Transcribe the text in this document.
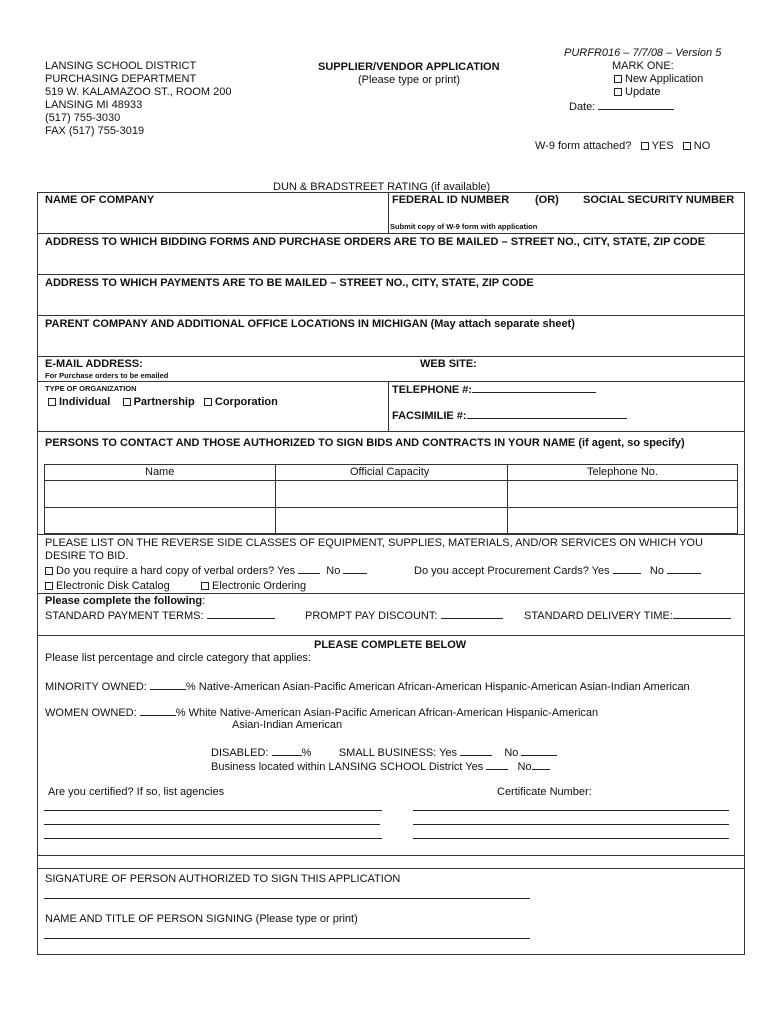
LANSING SCHOOL DISTRICT
PURCHASING DEPARTMENT
519 W. KALAMAZOO ST., ROOM 200
LANSING MI 48933
(517) 755-3030
FAX (517) 755-3019
SUPPLIER/VENDOR APPLICATION
(Please type or print)
PURFR016 – 7/7/08 – Version 5
MARK ONE:
New Application
Update
Date:
W-9 form attached? YES NO
DUN & BRADSTREET RATING (if available)
NAME OF COMPANY	FEDERAL ID NUMBER (OR) SOCIAL SECURITY NUMBER
Submit copy of W-9 form with application
ADDRESS TO WHICH BIDDING FORMS AND PURCHASE ORDERS ARE TO BE MAILED – STREET NO., CITY, STATE, ZIP CODE
ADDRESS TO WHICH PAYMENTS ARE TO BE MAILED – STREET NO., CITY, STATE, ZIP CODE
PARENT COMPANY AND ADDITIONAL OFFICE LOCATIONS IN MICHIGAN (May attach separate sheet)
E-MAIL ADDRESS:	WEB SITE:
For Purchase orders to be emailed
TYPE OF ORGANIZATION
Individual Partnership Corporation
TELEPHONE #:
FACSIMILIE #:
PERSONS TO CONTACT AND THOSE AUTHORIZED TO SIGN BIDS AND CONTRACTS IN YOUR NAME (if agent, so specify)
Name	Official Capacity	Telephone No.
PLEASE LIST ON THE REVERSE SIDE CLASSES OF EQUIPMENT, SUPPLIES, MATERIALS, AND/OR SERVICES ON WHICH YOU
DESIRE TO BID.
Do you require a hard copy of verbal orders? Yes	No	Do you accept Procurement Cards? Yes	No
Electronic Disk Catalog	Electronic Ordering
Please complete the following:
STANDARD PAYMENT TERMS:	PROMPT PAY DISCOUNT:	STANDARD DELIVERY TIME:
PLEASE COMPLETE BELOW
Please list percentage and circle category that applies:
MINORITY OWNED:	% Native-American Asian-Pacific American African-American Hispanic-American Asian-Indian American
WOMEN OWNED:	% White Native-American Asian-Pacific American African-American Hispanic-American
Asian-Indian American
DISABLED:	%	SMALL BUSINESS: Yes	No
Business located within LANSING SCHOOL District Yes	No
Are you certified? If so, list agencies	Certificate Number:
SIGNATURE OF PERSON AUTHORIZED TO SIGN THIS APPLICATION
NAME AND TITLE OF PERSON SIGNING (Please type or print)
